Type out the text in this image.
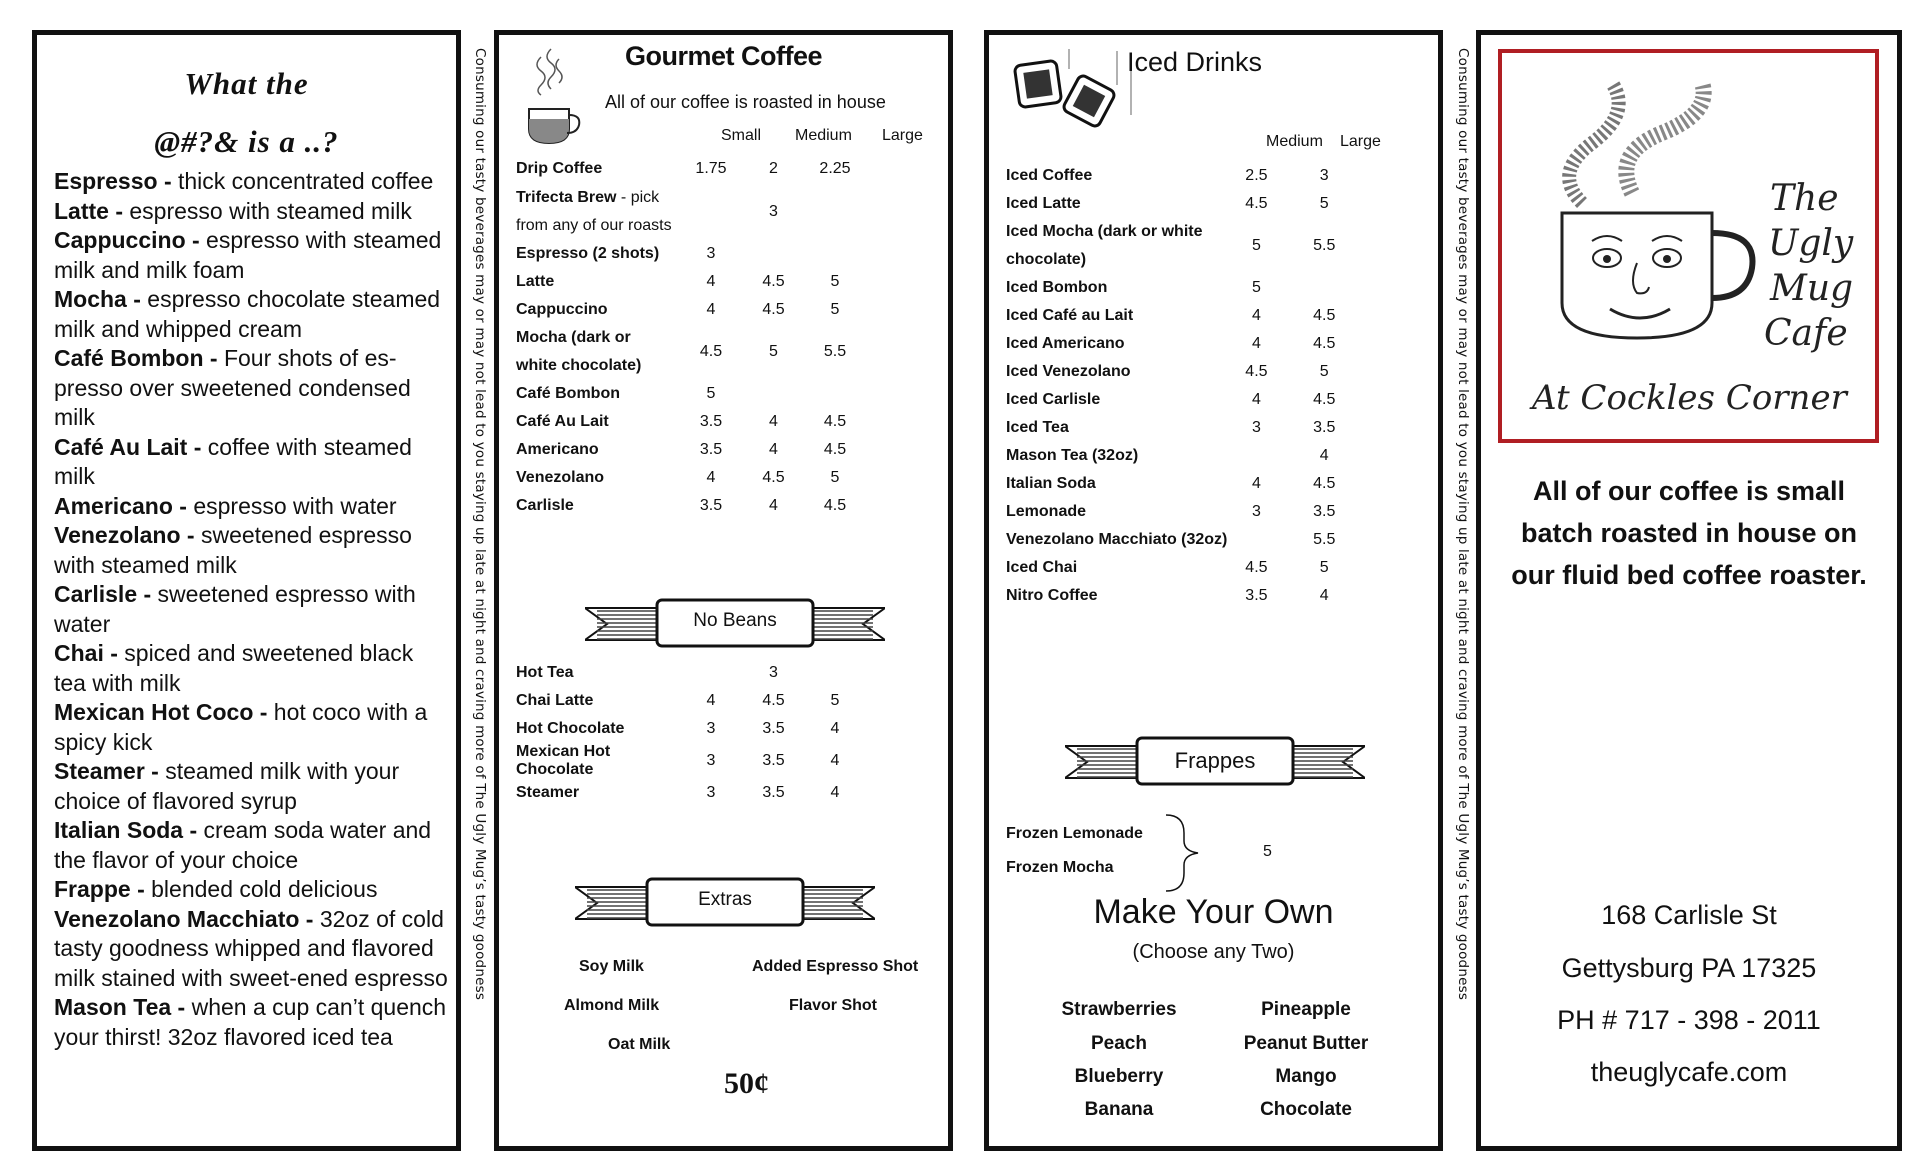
What the
@#?& is a ..?
Espresso - thick concentrated coffee
Latte - espresso with steamed milk
Cappuccino - espresso with steamed milk and milk foam
Mocha - espresso chocolate steamed milk and whipped cream
Café Bombon - Four shots of es-presso over sweetened condensed milk
Café Au Lait - coffee with steamed milk
Americano - espresso with water
Venezolano - sweetened espresso with steamed milk
Carlisle - sweetened espresso with water
Chai - spiced and sweetened black tea with milk
Mexican Hot Coco - hot coco with a spicy kick
Steamer - steamed milk with your choice of flavored syrup
Italian Soda - cream soda water and the flavor of your choice
Frappe - blended cold delicious
Venezolano Macchiato - 32oz of cold tasty goodness whipped and flavored milk stained with sweet-ened espresso
Mason Tea - when a cup can’t quench your thirst! 32oz flavored iced tea
Consuming our tasty beverages may or may not lead to you staying up late at night and craving more of The Ugly Mug’s tasty goodness	Gourmet Coffee
All of our coffee is roasted in house
Small Medium Large
Drip Coffee	1.75	2	2.25	
Trifecta Brew - pick from any of our roasts		3		
Espresso (2 shots)	3			
Latte	4	4.5	5	
Cappuccino	4	4.5	5	
Mocha (dark or white chocolate)	4.5	5	5.5	
Café Bombon	5			
Café Au Lait	3.5	4	4.5	
Americano	3.5	4	4.5	
Venezolano	4	4.5	5	
Carlisle	3.5	4	4.5	
No Beans
Hot Tea		3		
Chai Latte	4	4.5	5	
Hot Chocolate	3	3.5	4	
Mexican Hot Chocolate	3	3.5	4	
Steamer	3	3.5	4	
Extras
Soy Milk	Added Espresso Shot
Almond Milk	Flavor Shot
Oat Milk
50¢
Iced Drinks
Medium Large
Iced Coffee	2.5	3
Iced Latte	4.5	5
Iced Mocha (dark or white chocolate)	5	5.5
Iced Bombon	5	
Iced Café au Lait	4	4.5
Iced Americano	4	4.5
Iced Venezolano	4.5	5
Iced Carlisle	4	4.5
Iced Tea	3	3.5
Mason Tea (32oz)		4
Italian Soda	4	4.5
Lemonade	3	3.5
Venezolano Macchiato (32oz)		5.5
Iced Chai	4.5	5
Nitro Coffee	3.5	4
Frappes
Frozen Lemonade
Frozen Mocha
5
Make Your Own
(Choose any Two)
Strawberries
Peach
Blueberry
Banana
Pineapple
Peanut Butter
Mango
Chocolate
Consuming our tasty beverages may or may not lead to you staying up late at night and craving more of The Ugly Mug’s tasty goodness	The
Ugly
Mug
Cafe
At Cockles Corner
All of our coffee is small batch roasted in house on our fluid bed coffee roaster.
168 Carlisle St
Gettysburg PA 17325
PH # 717 - 398 - 2011
theuglycafe.com
